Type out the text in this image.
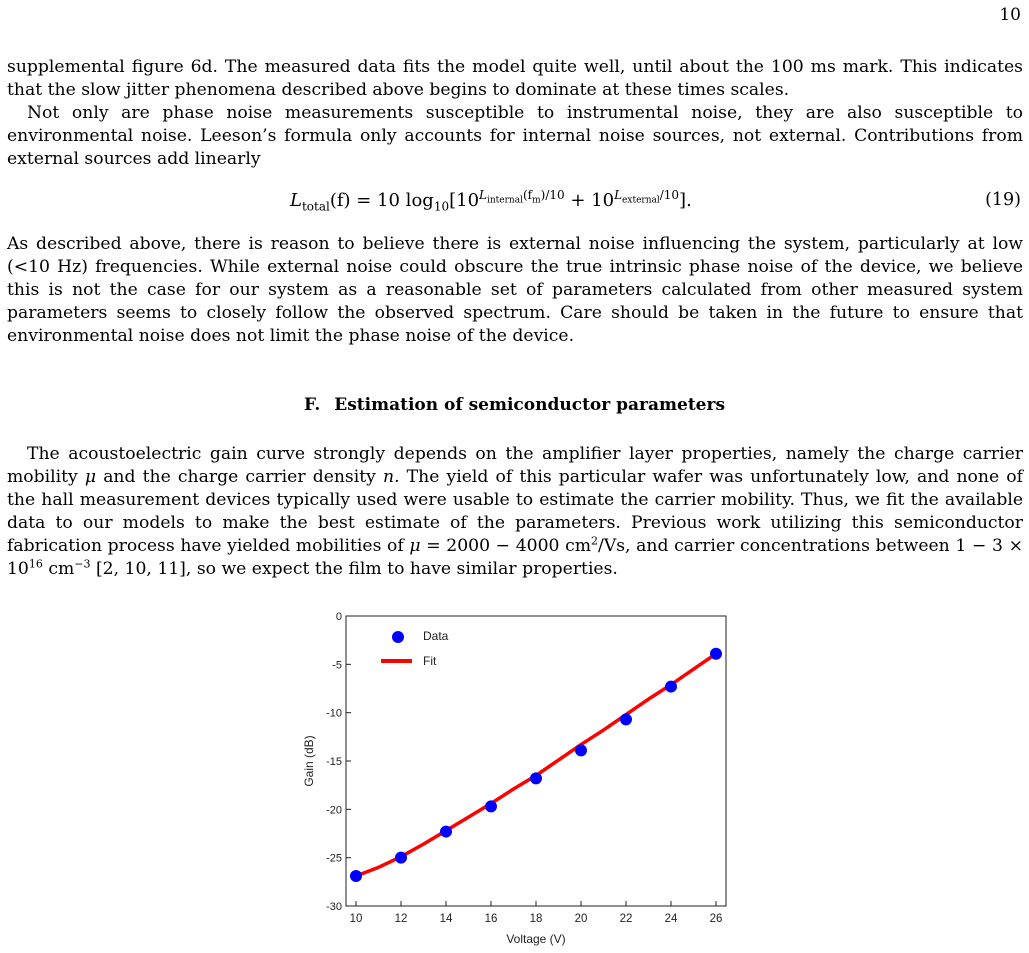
10

supplemental figure 6d. The measured data fits the model quite well, until about the 100 ms mark. This indicates that the slow jitter phenomena described above begins to dominate at these times scales.

Not only are phase noise measurements susceptible to instrumental noise, they are also susceptible to environmental noise. Leeson’s formula only accounts for internal noise sources, not external. Contributions from external sources add linearly

$L_{total}(f) = 10$ $\log_{10}[10^{L_{internal}(f_m)/10} + 10^{L_{external}/10}]$.	(19)

As described above, there is reason to believe there is external noise influencing the system, particularly at low (<10 Hz) frequencies. While external noise could obscure the true intrinsic phase noise of the device, we believe this is not the case for our system as a reasonable set of parameters calculated from other measured system parameters seems to closely follow the observed spectrum. Care should be taken in the future to ensure that environmental noise does not limit the phase noise of the device.

F. Estimation of semiconductor parameters

The acoustoelectric gain curve strongly depends on the amplifier layer properties, namely the charge carrier mobility μ and the charge carrier density n. The yield of this particular wafer was unfortunately low, and none of the hall measurement devices typically used were usable to estimate the carrier mobility. Thus, we fit the available data to our models to make the best estimate of the parameters. Previous work utilizing this semiconductor fabrication process have yielded mobilities of μ = 2000 − 4000 $cm^2/Vs$, and carrier concentrations between $1 - 3 \times 10^{16}$ $cm^{-3}$ [2, 10, 11], so we expect the film to have similar properties.

0
-5
-10
-15
-20
-25
-30
10	12	14	16	18	20	22	24	26
Voltage (V)
Gain (dB)
Data
Fit
